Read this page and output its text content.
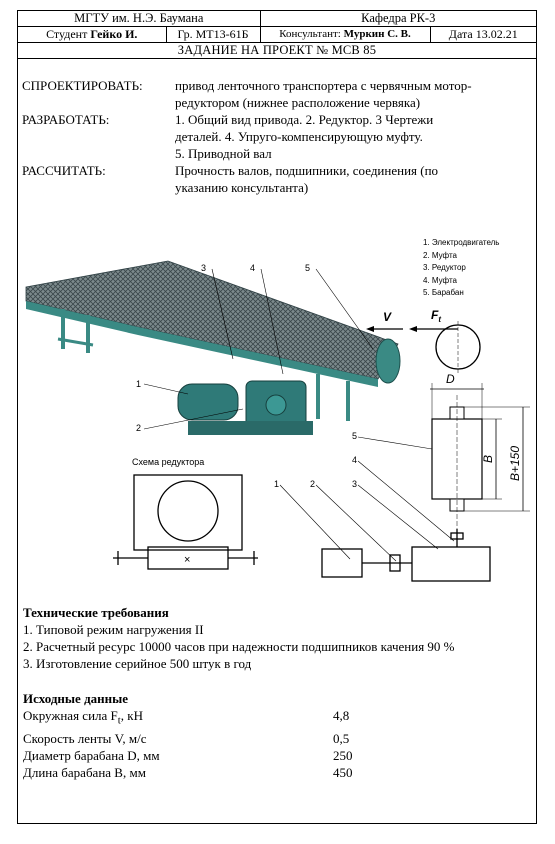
МГТУ им. Н.Э. Баумана		Кафедра РК-3	
Студент Гейко И.	Гр. МТ13-61Б	Консультант: Муркин С. В.	Дата 13.02.21
ЗАДАНИЕ НА ПРОЕКТ № МСВ 85			
СПРОЕКТИРОВАТЬ:	привод ленточного транспортера с червячным мотор-
редуктором (нижнее расположение червяка)
РАЗРАБОТАТЬ:	1. Общий вид привода. 2. Редуктор. 3 Чертежи
деталей. 4. Упруго-компенсирующую муфту.
5. Приводной вал
РАССЧИТАТЬ:	Прочность валов, подшипники, соединения (по
указанию консультанта)
1. Электродвигатель
2. Муфта
3. Редуктор
4. Муфта
5. Барабан
3	4	5
1
2
Схема редуктора
V	$F_t$
D
B B+150
×
1	2	3
4
5
Технические требования
1. Типовой режим нагружения II
2. Расчетный ресурс 10000 часов при надежности подшипников качения 90 %
3. Изготовление серийное 500 штук в год
Исходные данные
Окружная сила $F_t$, кН	4,8
Скорость ленты V, м/с	0,5
Диаметр барабана D, мм	250
Длина барабана B, мм	450
